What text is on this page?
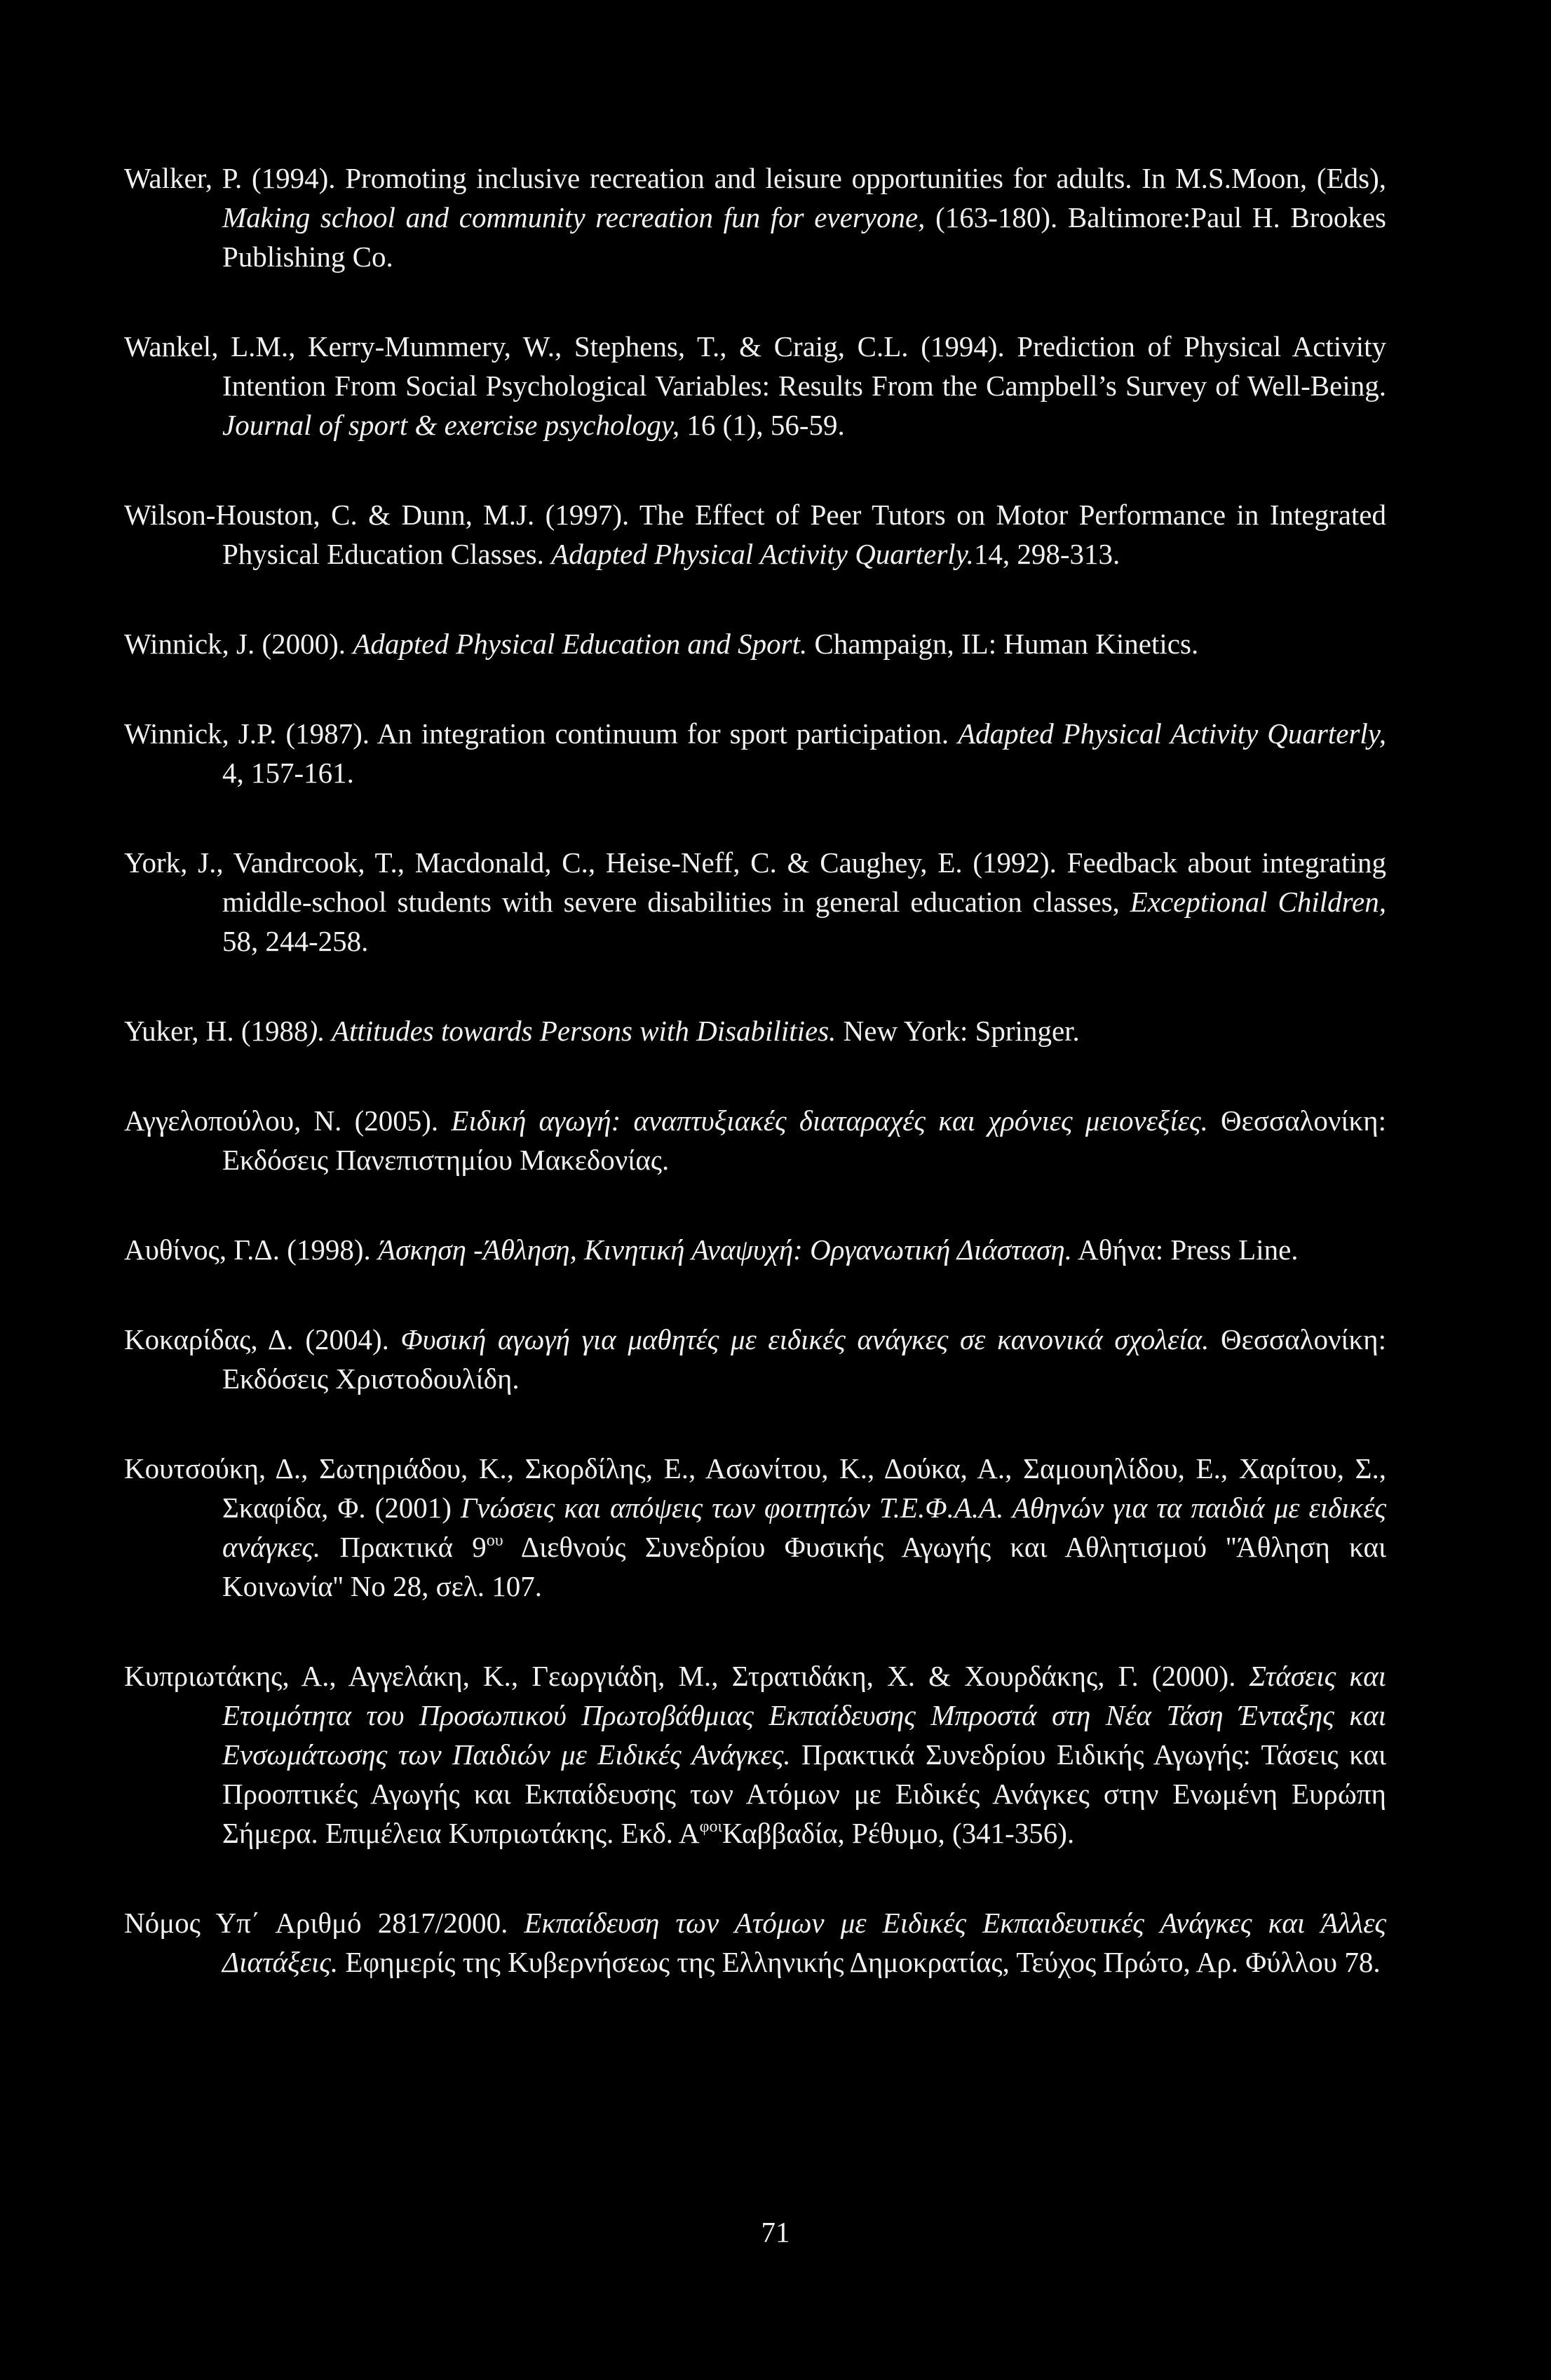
Walker, P. (1994). Promoting inclusive recreation and leisure opportunities for adults. In M.S.Moon, (Eds), Making school and community recreation fun for everyone, (163-180). Baltimore:Paul H. Brookes Publishing Co.

Wankel, L.M., Kerry-Mummery, W., Stephens, T., & Craig, C.L. (1994). Prediction of Physical Activity Intention From Social Psychological Variables: Results From the Campbell’s Survey of Well-Being. Journal of sport & exercise psychology, 16 (1), 56-59.

Wilson-Houston, C. & Dunn, M.J. (1997). The Effect of Peer Tutors on Motor Performance in Integrated Physical Education Classes. Adapted Physical Activity Quarterly.14, 298-313.

Winnick, J. (2000). Adapted Physical Education and Sport. Champaign, IL: Human Kinetics.

Winnick, J.P. (1987). An integration continuum for sport participation. Adapted Physical Activity Quarterly, 4, 157-161.

York, J., Vandrcook, T., Macdonald, C., Heise-Neff, C. & Caughey, E. (1992). Feedback about integrating middle-school students with severe disabilities in general education classes, Exceptional Children, 58, 244-258.

Yuker, H. (1988). Attitudes towards Persons with Disabilities. New York: Springer.

Αγγελοπούλου, Ν. (2005). Ειδική αγωγή: αναπτυξιακές διαταραχές και χρόνιες μειονεξίες. Θεσσαλονίκη: Εκδόσεις Πανεπιστημίου Μακεδονίας.

Αυθίνος, Γ.Δ. (1998). Άσκηση -Άθληση, Κινητική Αναψυχή: Οργανωτική Διάσταση. Αθήνα: Press Line.

Κοκαρίδας, Δ. (2004). Φυσική αγωγή για μαθητές με ειδικές ανάγκες σε κανονικά σχολεία. Θεσσαλονίκη: Εκδόσεις Χριστοδουλίδη.

Κουτσούκη, Δ., Σωτηριάδου, Κ., Σκορδίλης, Ε., Ασωνίτου, Κ., Δούκα, Α., Σαμουηλίδου, Ε., Χαρίτου, Σ., Σκαφίδα, Φ. (2001) Γνώσεις και απόψεις των φοιτητών Τ.Ε.Φ.Α.Α. Αθηνών για τα παιδιά με ειδικές ανάγκες. Πρακτικά $9^{o\upsilon}$ Διεθνούς Συνεδρίου Φυσικής Αγωγής και Αθλητισμού ''Άθληση και Κοινωνία'' Νο 28, σελ. 107.

Κυπριωτάκης, Α., Αγγελάκη, Κ., Γεωργιάδη, Μ., Στρατιδάκη, Χ. & Χουρδάκης, Γ. (2000). Στάσεις και Ετοιμότητα του Προσωπικού Πρωτοβάθμιας Εκπαίδευσης Μπροστά στη Νέα Τάση Ένταξης και Ενσωμάτωσης των Παιδιών με Ειδικές Ανάγκες. Πρακτικά Συνεδρίου Ειδικής Αγωγής: Τάσεις και Προοπτικές Αγωγής και Εκπαίδευσης των Ατόμων με Ειδικές Ανάγκες στην Ενωμένη Ευρώπη Σήμερα. Επιμέλεια Κυπριωτάκης. Εκδ. $A^{\varphi o\iota}K\alpha\beta\beta\alpha\delta ί\alpha$, Ρέθυμο, (341-356).

Νόμος Υπ΄ Αριθμό 2817/2000. Εκπαίδευση των Ατόμων με Ειδικές Εκπαιδευτικές Ανάγκες και Άλλες Διατάξεις. Εφημερίς της Κυβερνήσεως της Ελληνικής Δημοκρατίας, Τεύχος Πρώτο, Αρ. Φύλλου 78.

71
